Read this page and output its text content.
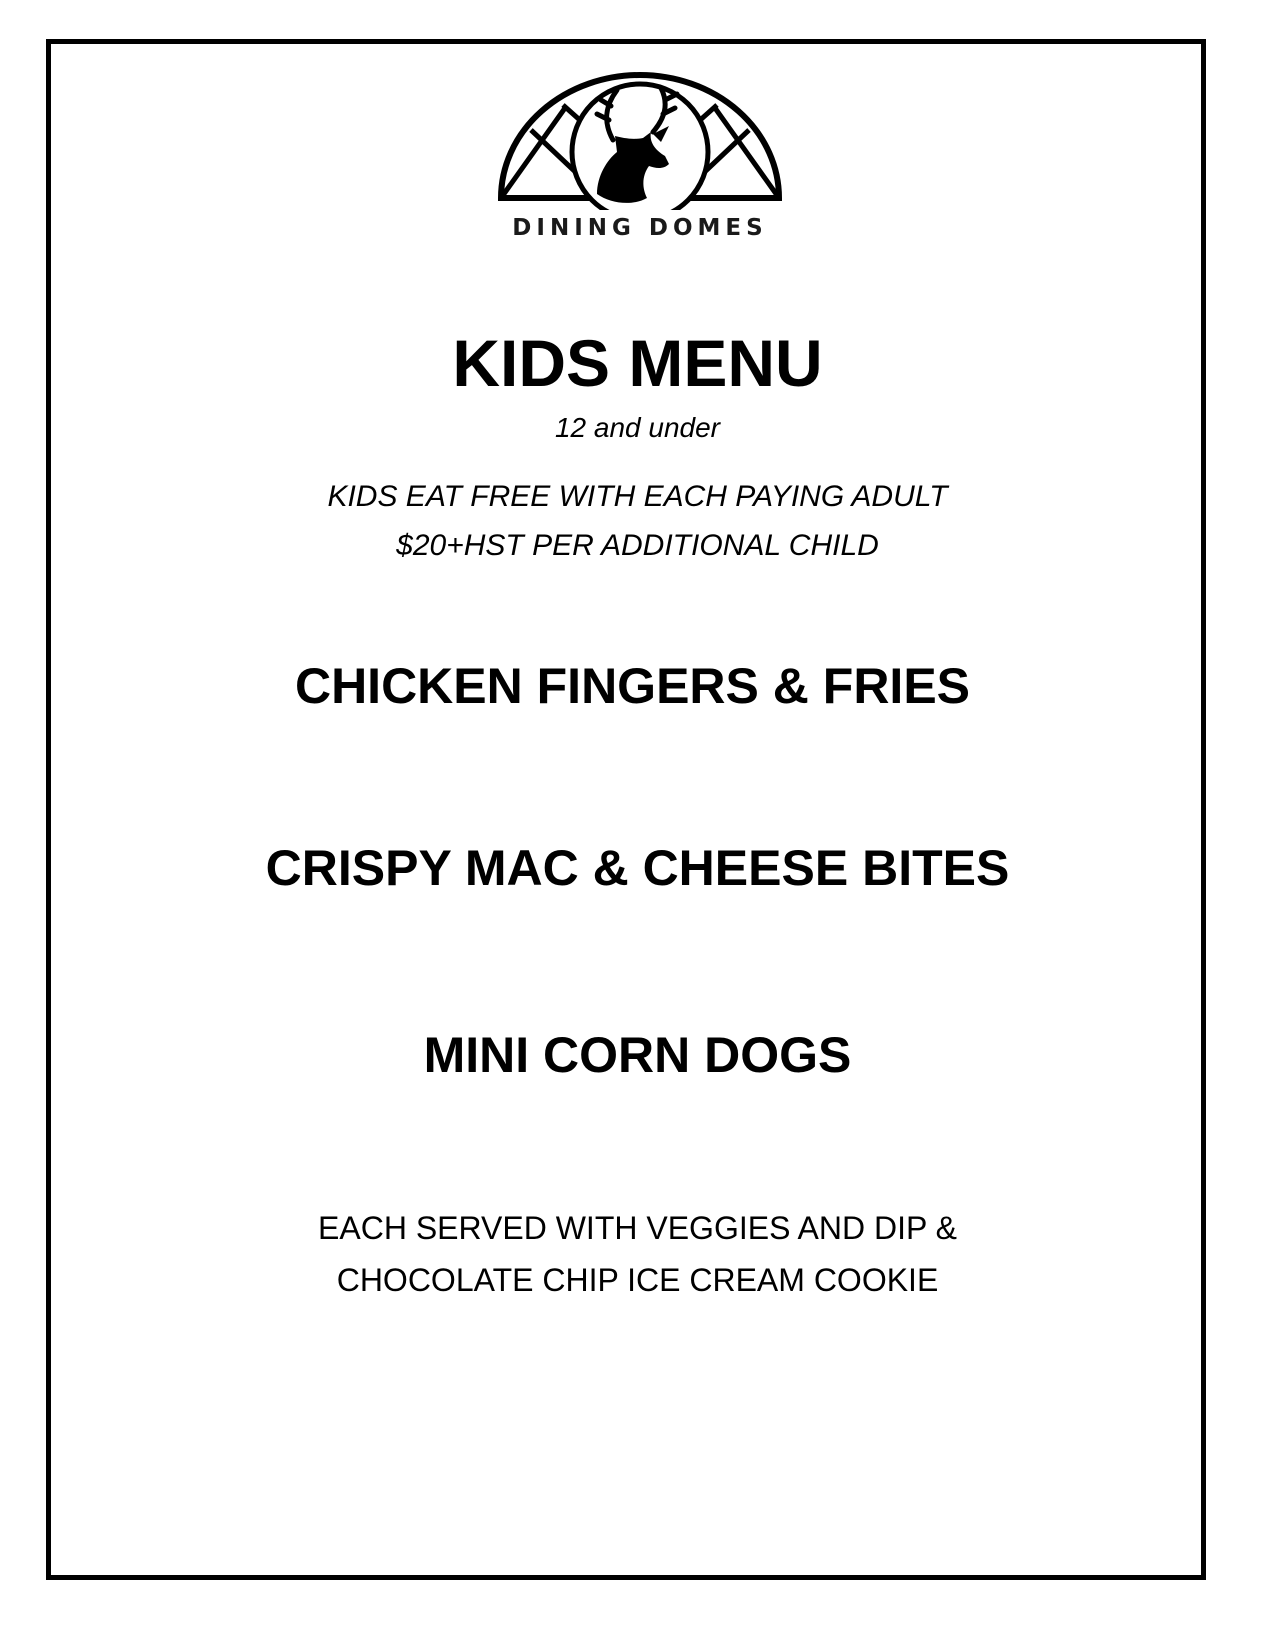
DINING DOMES
KIDS MENU
12 and under
KIDS EAT FREE WITH EACH PAYING ADULT
$20+HST PER ADDITIONAL CHILD
CHICKEN FINGERS & FRIES
CRISPY MAC & CHEESE BITES
MINI CORN DOGS
EACH SERVED WITH VEGGIES AND DIP &
CHOCOLATE CHIP ICE CREAM COOKIE
